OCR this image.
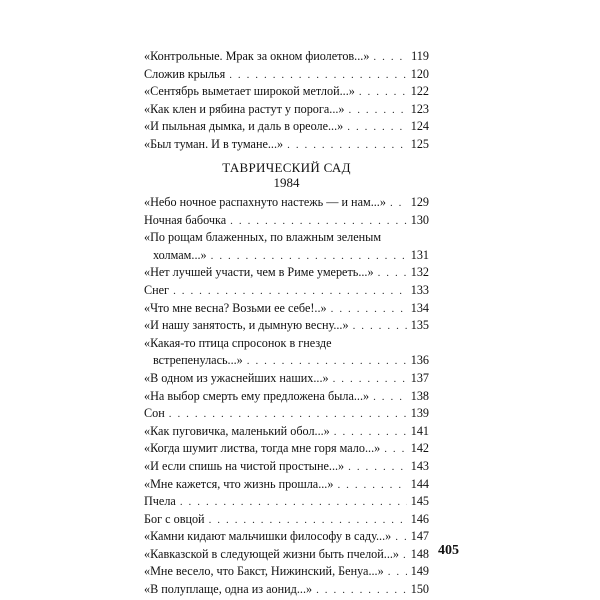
«Контрольные. Мрак за окном фиолетов...» . . .	119
Сложив крылья . . .	120
«Сентябрь выметает широкой метлой...» . . .	122
«Как клен и рябина растут у порога...» . . .	123
«И пыльная дымка, и даль в ореоле...» . . .	124
«Был туман. И в тумане...» . . .	125
ТАВРИЧЕСКИЙ САД
1984
«Небо ночное распахнуто настежь — и нам...» . . . 129
Ночная бабочка . . .	130
«По рощам блаженных, по влажным зеленым
холмам...» . . .	131
«Нет лучшей участи, чем в Риме умереть...» . . .	132
Снег . . .	133
«Что мне весна? Возьми ее себе!..» . . .	134
«И нашу занятость, и дымную весну...» . . .	135
«Какая-то птица спросонок в гнезде
встрепенулась...» . . .	136
«В одном из ужаснейших наших...» . . .	137
«На выбор смерть ему предложена была...» . . .	138
Сон . . .	139
«Как пуговичка, маленький обол...» . . .	141
«Когда шумит листва, тогда мне горя мало...» . . .	142
«И если спишь на чистой простыне...» . . .	143
«Мне кажется, что жизнь прошла...» . . .	144
Пчела . . .	145
Бог с овцой . . .	146
«Камни кидают мальчишки философу в саду...» . . . 147
«Кавказской в следующей жизни быть пчелой...» . . . 148
«Мне весело, что Бакст, Нижинский, Бенуа...» . . . 149
«В полуплаще, одна из аонид...» . . .	150
405
